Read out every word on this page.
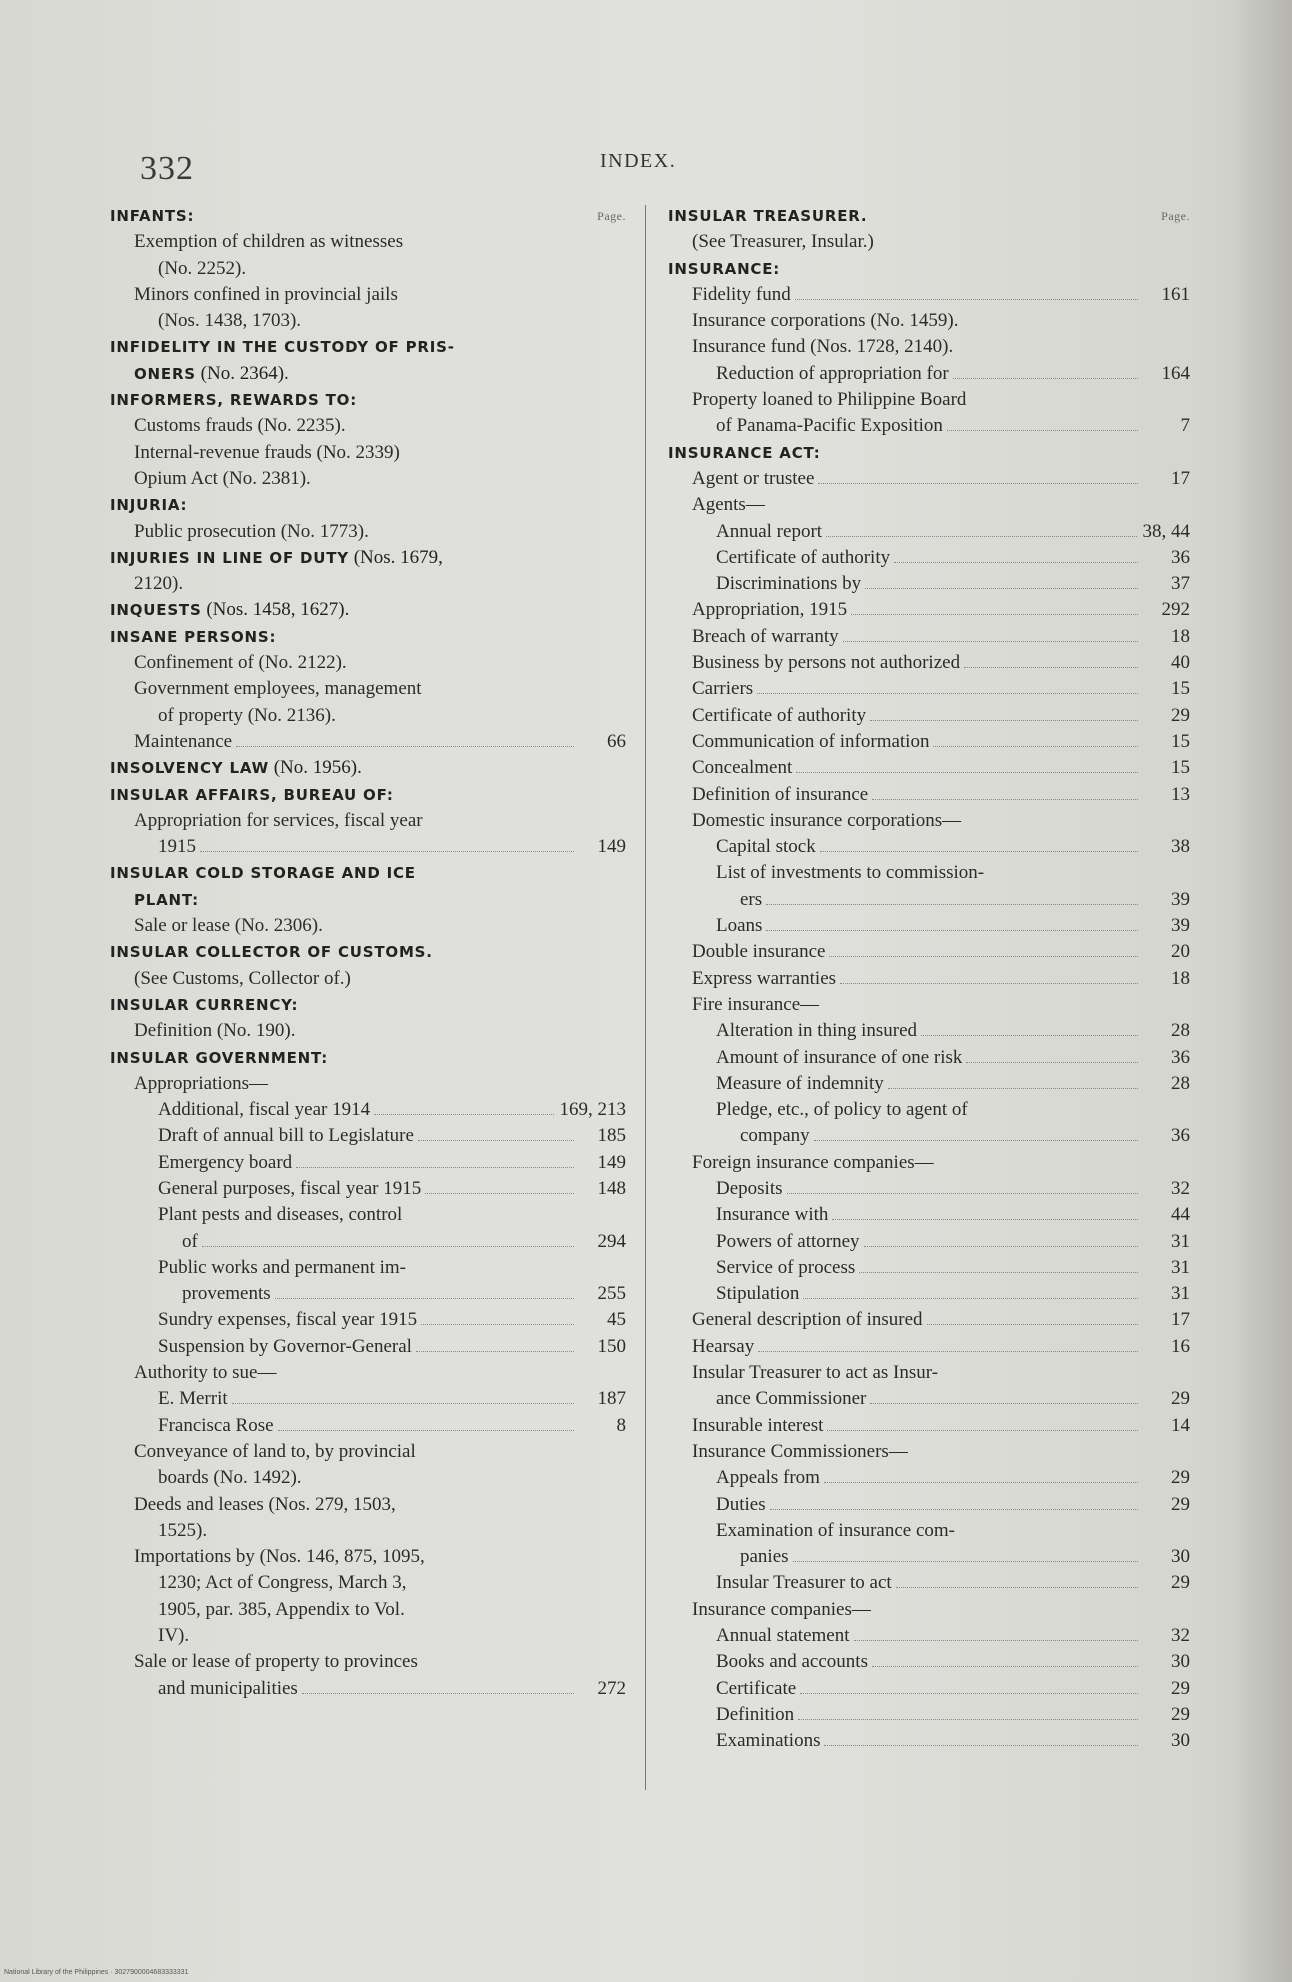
332	INDEX.
Page.
INFANTS:
Exemption of children as witnesses
(No. 2252).
Minors confined in provincial jails
(Nos. 1438, 1703).
INFIDELITY IN THE CUSTODY OF PRIS-
ONERS (No. 2364).
INFORMERS, REWARDS TO:
Customs frauds (No. 2235).
Internal-revenue frauds (No. 2339)
Opium Act (No. 2381).
INJURIA:
Public prosecution (No. 1773).
INJURIES IN LINE OF DUTY (Nos. 1679,
2120).
INQUESTS (Nos. 1458, 1627).
INSANE PERSONS:
Confinement of (No. 2122).
Government employees, management
of property (No. 2136).
Maintenance	66
INSOLVENCY LAW (No. 1956).
INSULAR AFFAIRS, BUREAU OF:
Appropriation for services, fiscal year
1915	149
INSULAR COLD STORAGE AND ICE
PLANT:
Sale or lease (No. 2306).
INSULAR COLLECTOR OF CUSTOMS.
(See Customs, Collector of.)
INSULAR CURRENCY:
Definition (No. 190).
INSULAR GOVERNMENT:
Appropriations—
Additional, fiscal year 1914	169, 213
Draft of annual bill to Legislature	185
Emergency board	149
General purposes, fiscal year 1915	148
Plant pests and diseases, control
of	294
Public works and permanent im-
provements	255
Sundry expenses, fiscal year 1915	45
Suspension by Governor-General	150
Authority to sue—
E. Merrit	187
Francisca Rose	8
Conveyance of land to, by provincial
boards (No. 1492).
Deeds and leases (Nos. 279, 1503,
1525).
Importations by (Nos. 146, 875, 1095,
1230; Act of Congress, March 3,
1905, par. 385, Appendix to Vol.
IV).
Sale or lease of property to provinces
and municipalities	272
Page.
INSULAR TREASURER.
(See Treasurer, Insular.)
INSURANCE:
Fidelity fund	161
Insurance corporations (No. 1459).
Insurance fund (Nos. 1728, 2140).
Reduction of appropriation for	164
Property loaned to Philippine Board
of Panama-Pacific Exposition	7
INSURANCE ACT:
Agent or trustee	17
Agents—
Annual report	38, 44
Certificate of authority	36
Discriminations by	37
Appropriation, 1915	292
Breach of warranty	18
Business by persons not authorized	40
Carriers	15
Certificate of authority	29
Communication of information	15
Concealment	15
Definition of insurance	13
Domestic insurance corporations—
Capital stock	38
List of investments to commission-
ers	39
Loans	39
Double insurance	20
Express warranties	18
Fire insurance—
Alteration in thing insured	28
Amount of insurance of one risk	36
Measure of indemnity	28
Pledge, etc., of policy to agent of
company	36
Foreign insurance companies—
Deposits	32
Insurance with	44
Powers of attorney	31
Service of process	31
Stipulation	31
General description of insured	17
Hearsay	16
Insular Treasurer to act as Insur-
ance Commissioner	29
Insurable interest	14
Insurance Commissioners—
Appeals from	29
Duties	29
Examination of insurance com-
panies	30
Insular Treasurer to act	29
Insurance companies—
Annual statement	32
Books and accounts	30
Certificate	29
Definition	29
Examinations	30
National Library of the Philippines · 3027900004683333331
